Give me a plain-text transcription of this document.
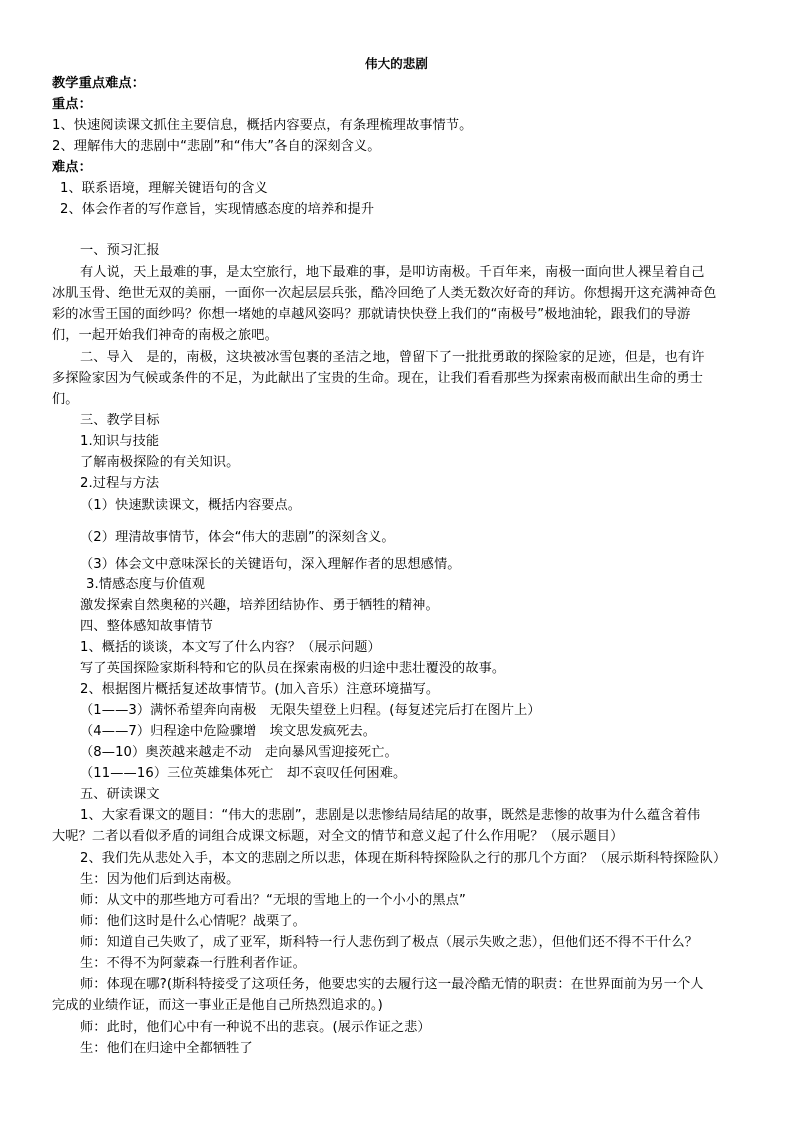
伟大的悲剧
教学重点难点：
重点：
1、快速阅读课文抓住主要信息，概括内容要点，有条理梳理故事情节。
2、理解伟大的悲剧中“悲剧”和“伟大”各自的深刻含义。
难点：
1、联系语境，理解关键语句的含义
2、体会作者的写作意旨，实现情感态度的培养和提升
一、预习汇报
有人说，天上最难的事，是太空旅行，地下最难的事，是叩访南极。千百年来，南极一面向世人裸呈着自己
冰肌玉骨、绝世无双的美丽，一面你一次起层层兵张，酷冷回绝了人类无数次好奇的拜访。你想揭开这充满神奇色
彩的冰雪王国的面纱吗？你想一堵她的卓越风姿吗？那就请快快登上我们的“南极号”极地油轮，跟我们的导游
们，一起开始我们神奇的南极之旅吧。
二、导入　是的，南极，这块被冰雪包裹的圣洁之地，曾留下了一批批勇敢的探险家的足迹，但是，也有许
多探险家因为气候或条件的不足，为此献出了宝贵的生命。现在，让我们看看那些为探索南极而献出生命的勇士
们。
三、教学目标
1.知识与技能
了解南极探险的有关知识。
2.过程与方法
（1）快速默读课文，概括内容要点。
（2）理清故事情节，体会“伟大的悲剧”的深刻含义。
（3）体会文中意味深长的关键语句，深入理解作者的思想感情。
3.情感态度与价值观
激发探索自然奥秘的兴趣，培养团结协作、勇于牺牲的精神。
四、整体感知故事情节
1、概括的谈谈，本文写了什么内容？（展示问题）
写了英国探险家斯科特和它的队员在探索南极的归途中悲壮覆没的故事。
2、根据图片概括复述故事情节。(加入音乐）注意环境描写。
（1——3）满怀希望奔向南极　无限失望登上归程。(每复述完后打在图片上）
（4——7）归程途中危险骤增　埃文思发疯死去。
（8—10）奥茨越来越走不动　走向暴风雪迎接死亡。
（11——16）三位英雄集体死亡　却不哀叹任何困难。
五、研读课文
1、大家看课文的题目：“伟大的悲剧”，悲剧是以悲惨结局结尾的故事，既然是悲惨的故事为什么蕴含着伟
大呢？二者以看似矛盾的词组合成课文标题，对全文的情节和意义起了什么作用呢？（展示题目）
2、我们先从悲处入手，本文的悲剧之所以悲，体现在斯科特探险队之行的那几个方面？（展示斯科特探险队）
生：因为他们后到达南极。
师：从文中的那些地方可看出？“无垠的雪地上的一个小小的黑点”
师：他们这时是什么心情呢？战栗了。
师：知道自己失败了，成了亚军，斯科特一行人悲伤到了极点（展示失败之悲），但他们还不得不干什么？
生：不得不为阿蒙森一行胜利者作证。
师：体现在哪?(斯科特接受了这项任务，他要忠实的去履行这一最冷酷无情的职责：在世界面前为另一个人
完成的业绩作证，而这一事业正是他自己所热烈追求的。)
师：此时，他们心中有一种说不出的悲哀。(展示作证之悲）
生：他们在归途中全都牺牲了
